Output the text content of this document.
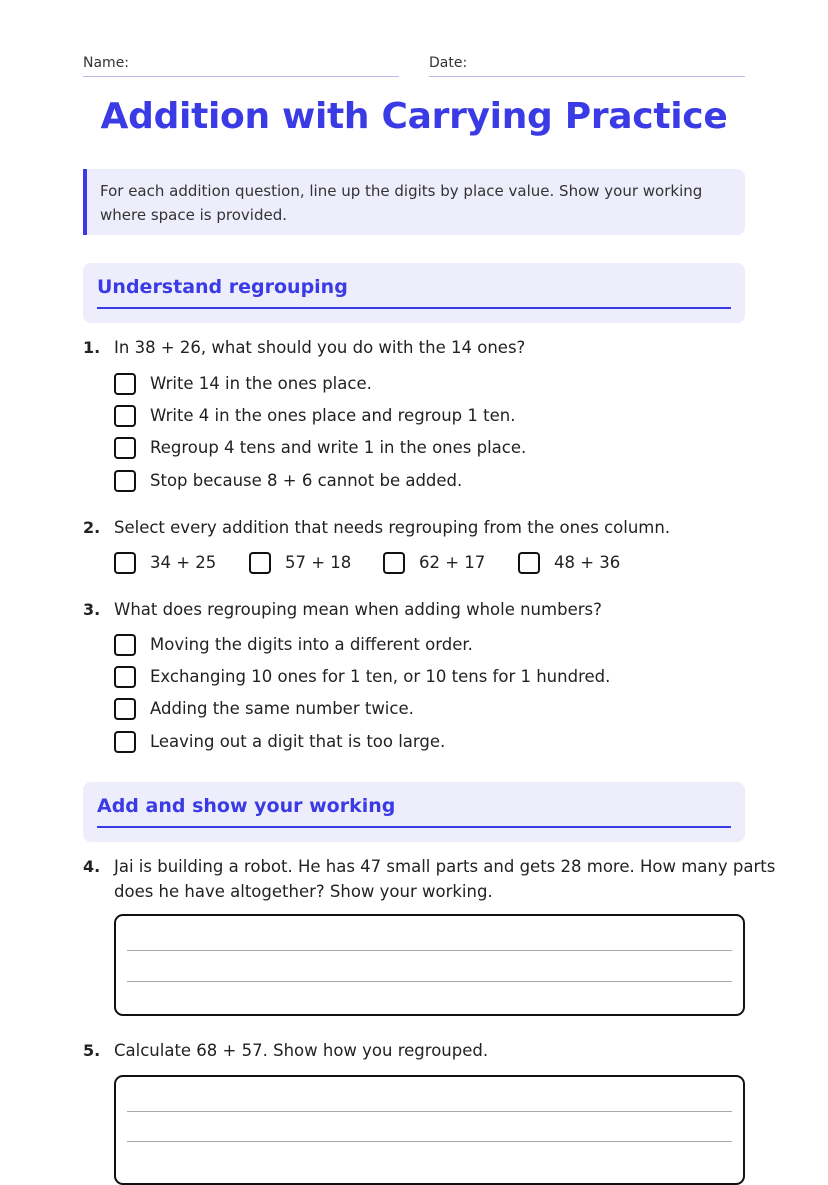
Name:	Date:
Addition with Carrying Practice
For each addition question, line up the digits by place value. Show your working where space is provided.
Understand regrouping
1. In 38 + 26, what should you do with the 14 ones?
Write 14 in the ones place.
Write 4 in the ones place and regroup 1 ten.
Regroup 4 tens and write 1 in the ones place.
Stop because 8 + 6 cannot be added.
2. Select every addition that needs regrouping from the ones column.
34 + 25	57 + 18	62 + 17	48 + 36
3. What does regrouping mean when adding whole numbers?
Moving the digits into a different order.
Exchanging 10 ones for 1 ten, or 10 tens for 1 hundred.
Adding the same number twice.
Leaving out a digit that is too large.
Add and show your working
4. Jai is building a robot. He has 47 small parts and gets 28 more. How many parts
does he have altogether? Show your working.
5. Calculate 68 + 57. Show how you regrouped.
